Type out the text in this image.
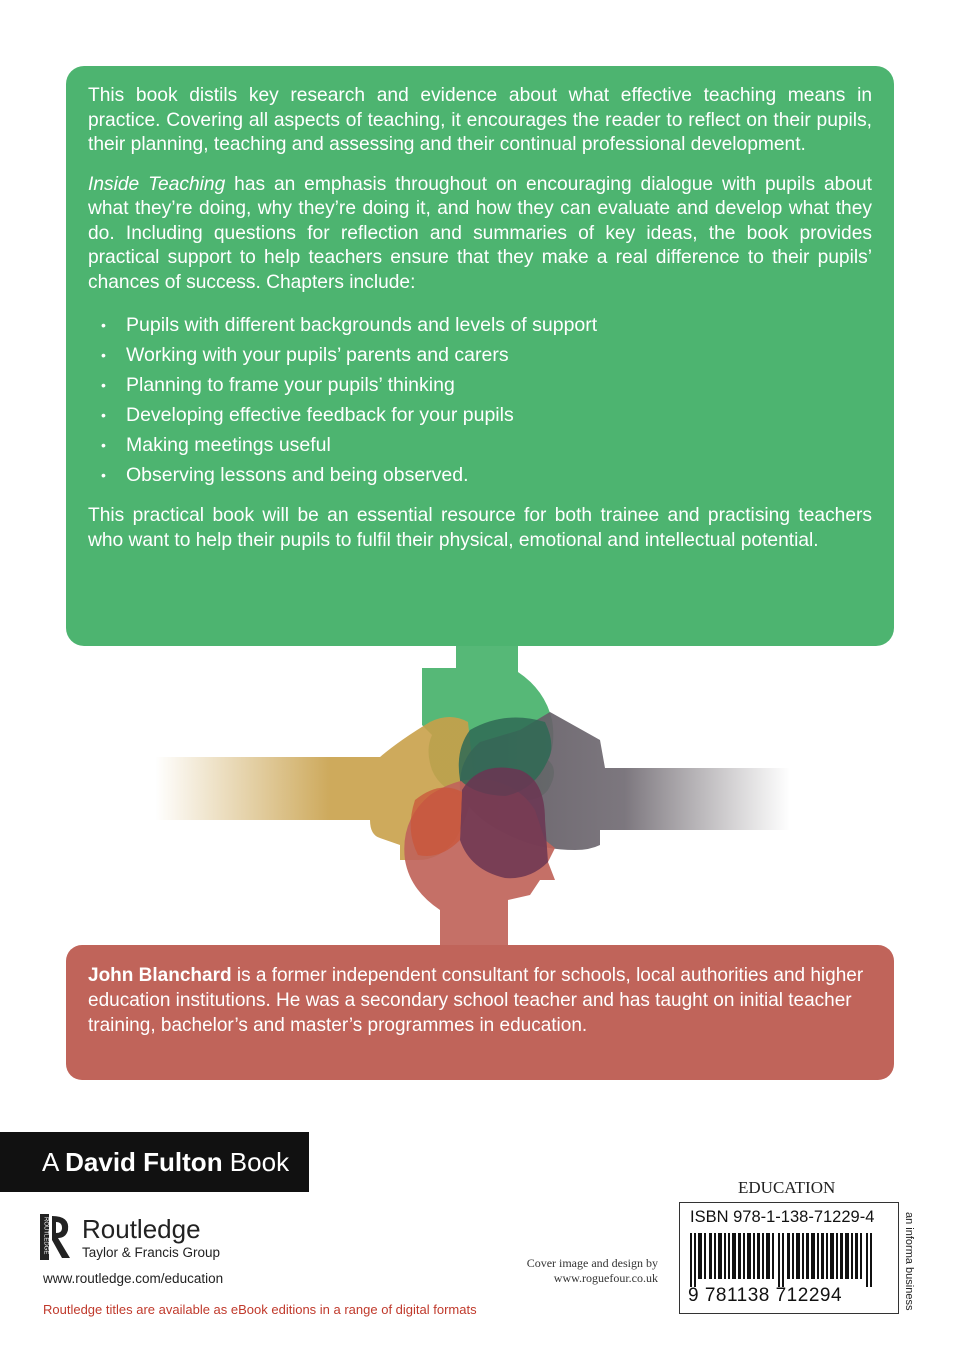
This book distils key research and evidence about what effective teaching means in practice. Covering all aspects of teaching, it encourages the reader to reflect on their pupils, their planning, teaching and assessing and their continual professional development.

Inside Teaching has an emphasis throughout on encouraging dialogue with pupils about what they’re doing, why they’re doing it, and how they can evaluate and develop what they do. Including questions for reflection and summaries of key ideas, the book provides practical support to help teachers ensure that they make a real difference to their pupils’ chances of success. Chapters include:

• Pupils with different backgrounds and levels of support
• Working with your pupils’ parents and carers
• Planning to frame your pupils’ thinking
• Developing effective feedback for your pupils
• Making meetings useful
• Observing lessons and being observed.

This practical book will be an essential resource for both trainee and practising teachers who want to help their pupils to fulfil their physical, emotional and intellectual potential.

John Blanchard is a former independent consultant for schools, local authorities and higher education institutions. He was a secondary school teacher and has taught on initial teacher training, bachelor’s and master’s programmes in education.

A David Fulton Book
ROUTLEDGE Routledge
Taylor & Francis Group
www.routledge.com/education
Routledge titles are available as eBook editions in a range of digital formats
Cover image and design by
www.roguefour.co.uk
EDUCATION
ISBN 978-1-138-71229-4
9 781138 712294	an informa business
